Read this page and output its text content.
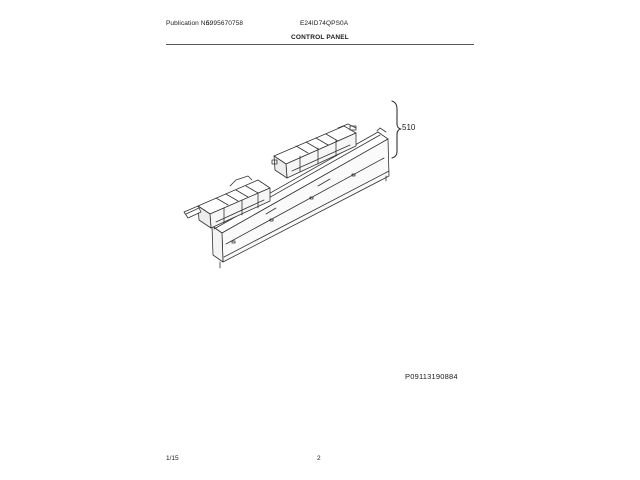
Publication No:
5995670758	E24ID74QPS0A
CONTROL PANEL
510
P09113190884
1/15	2
